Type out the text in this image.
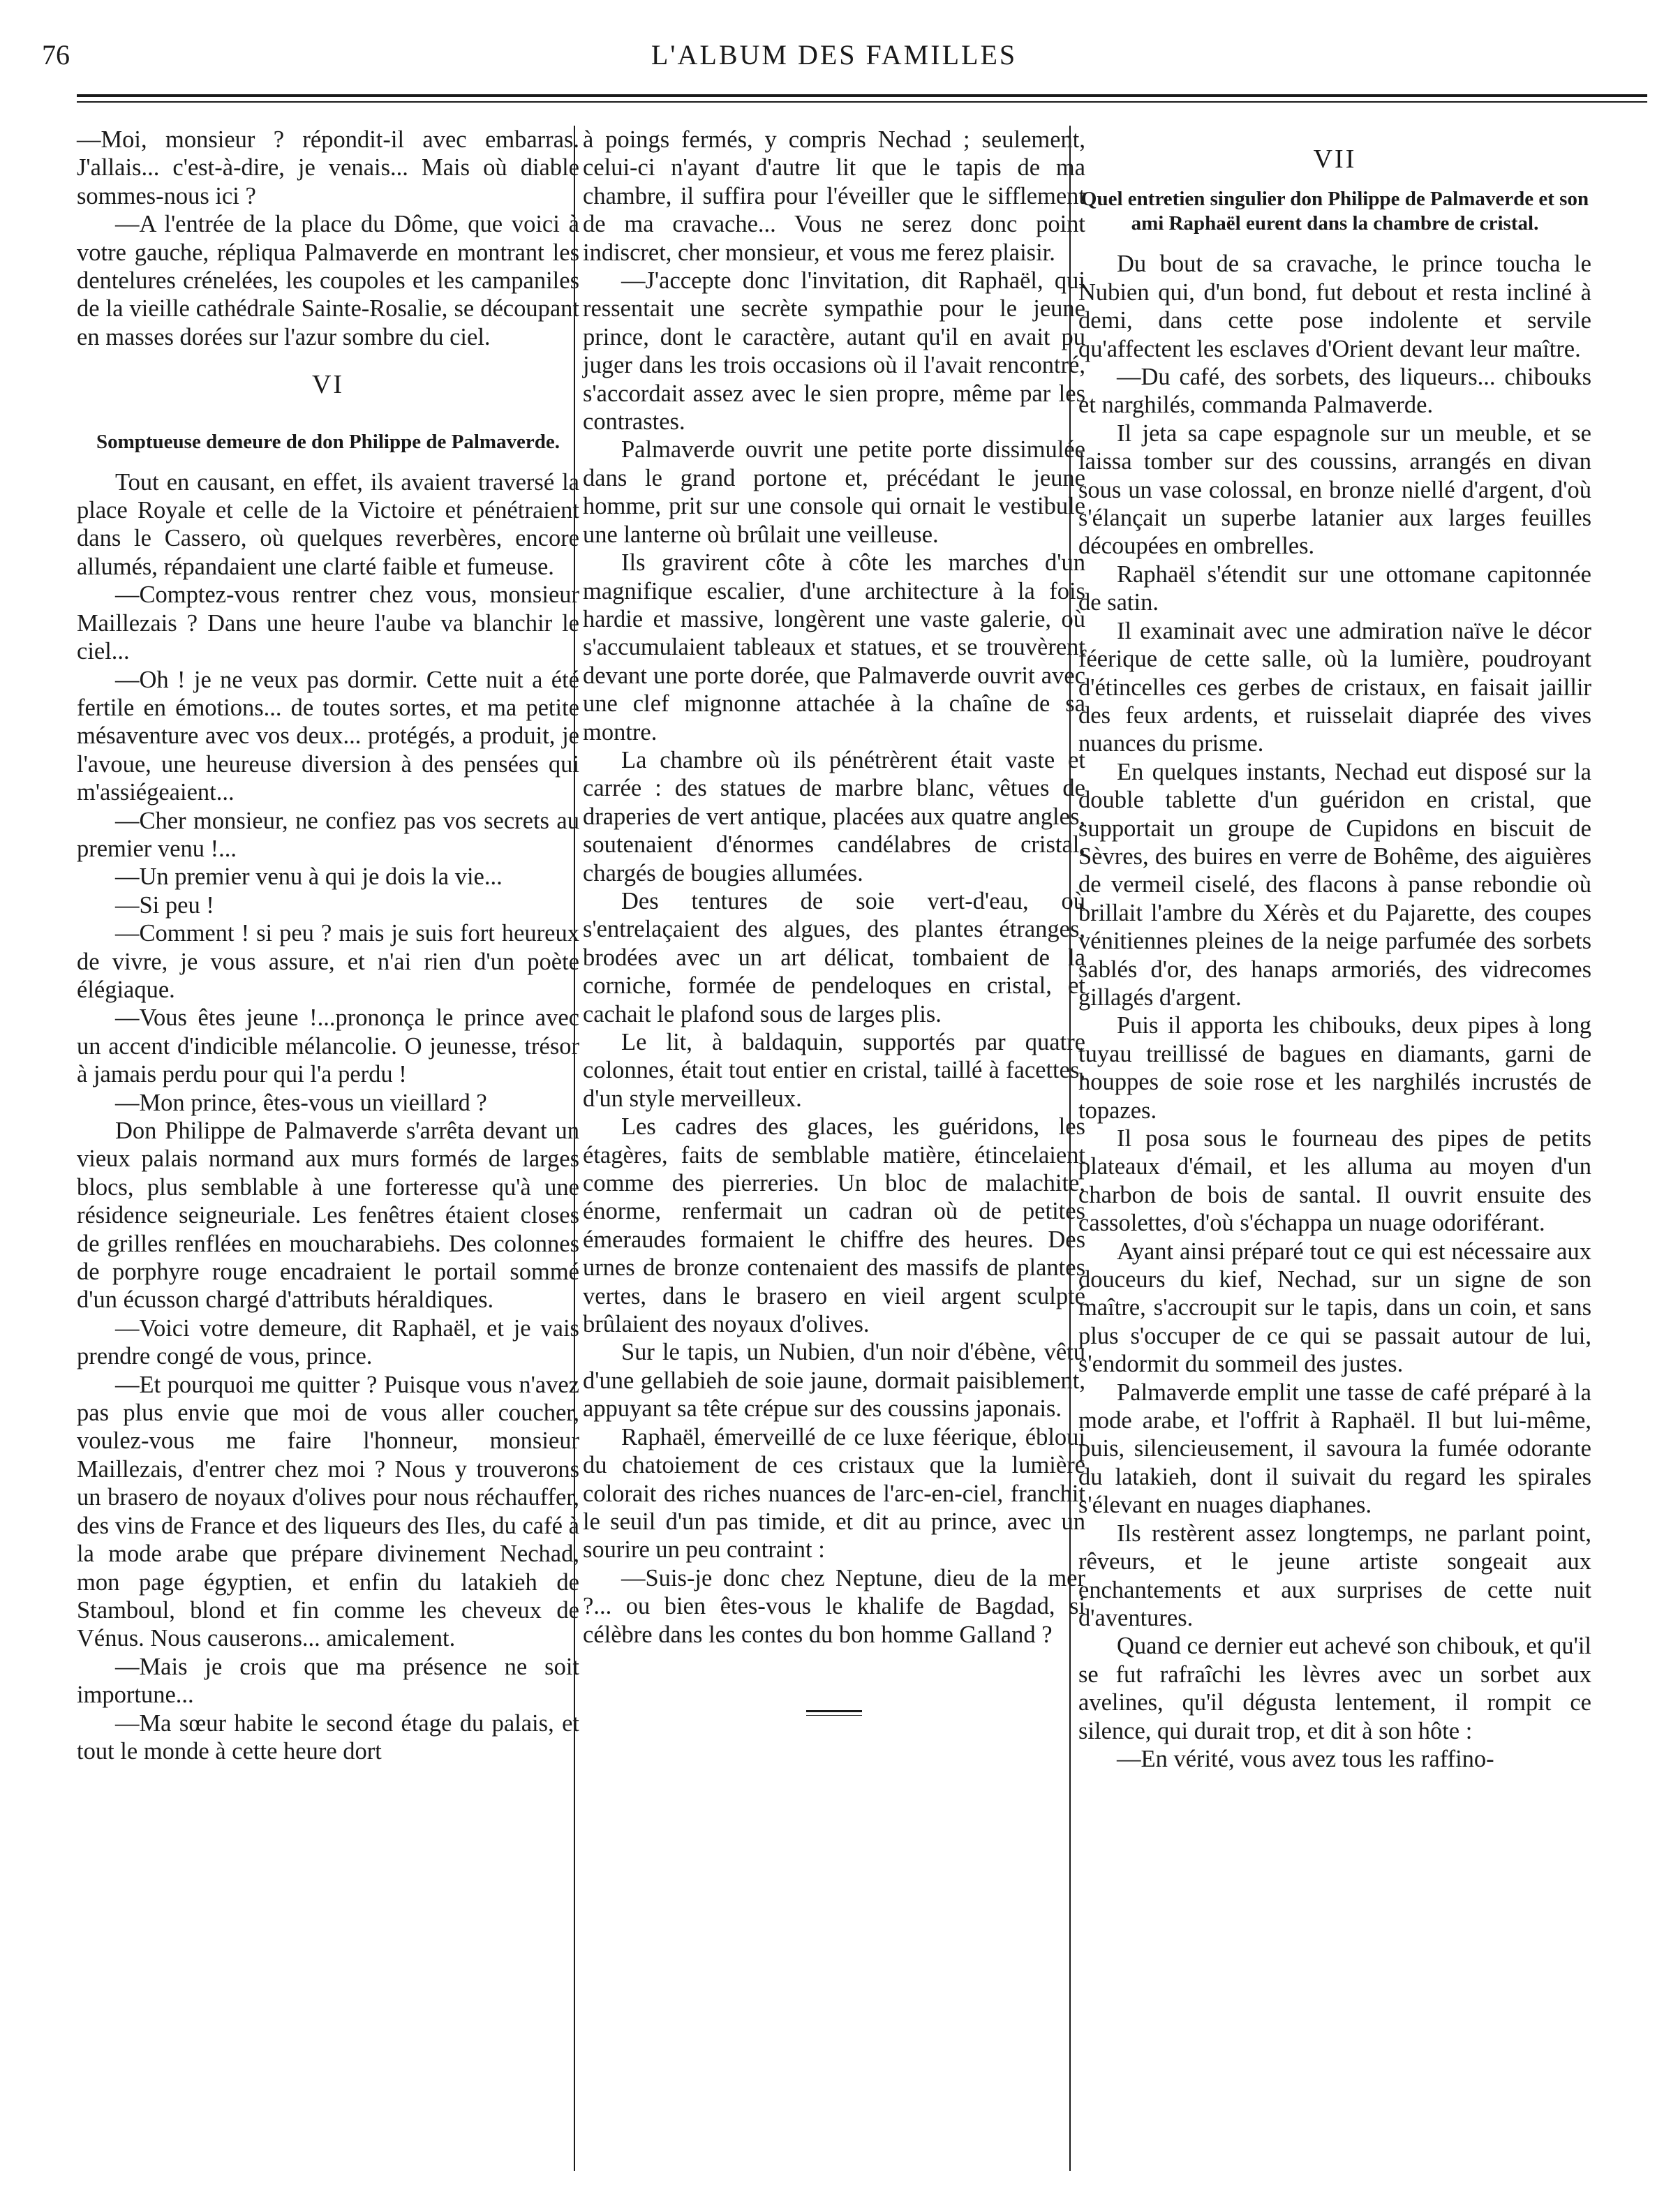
76	L'ALBUM DES FAMILLES

—Moi, monsieur ? répondit-il avec embarras. J'allais... c'est-à-dire, je venais... Mais où diable sommes-nous ici ?

—A l'entrée de la place du Dôme, que voici à votre gauche, répliqua Palmaverde en montrant les dentelures crénelées, les coupoles et les campaniles de la vieille cathédrale Sainte-Rosalie, se découpant en masses dorées sur l'azur sombre du ciel.

VI
Somptueuse demeure de don Philippe de Palmaverde.

Tout en causant, en effet, ils avaient traversé la place Royale et celle de la Victoire et pénétraient dans le Cassero, où quelques reverbères, encore allumés, répandaient une clarté faible et fumeuse.

—Comptez-vous rentrer chez vous, monsieur Maillezais ? Dans une heure l'aube va blanchir le ciel...

—Oh ! je ne veux pas dormir. Cette nuit a été fertile en émotions... de toutes sortes, et ma petite mésaventure avec vos deux... protégés, a produit, je l'avoue, une heureuse diversion à des pensées qui m'assiégeaient...

—Cher monsieur, ne confiez pas vos secrets au premier venu !...

—Un premier venu à qui je dois la vie...

—Si peu !

—Comment ! si peu ? mais je suis fort heureux de vivre, je vous assure, et n'ai rien d'un poète élégiaque.

—Vous êtes jeune !...prononça le prince avec un accent d'indicible mélancolie. O jeunesse, trésor à jamais perdu pour qui l'a perdu !

—Mon prince, êtes-vous un vieillard ?

Don Philippe de Palmaverde s'arrêta devant un vieux palais normand aux murs formés de larges blocs, plus semblable à une forteresse qu'à une résidence seigneuriale. Les fenêtres étaient closes de grilles renflées en moucharabiehs. Des colonnes de porphyre rouge encadraient le portail sommé d'un écusson chargé d'attributs héraldiques.

—Voici votre demeure, dit Raphaël, et je vais prendre congé de vous, prince.

—Et pourquoi me quitter ? Puisque vous n'avez pas plus envie que moi de vous aller coucher, voulez-vous me faire l'honneur, monsieur Maillezais, d'entrer chez moi ? Nous y trouverons un brasero de noyaux d'olives pour nous réchauffer, des vins de France et des liqueurs des Iles, du café à la mode arabe que prépare divinement Nechad, mon page égyptien, et enfin du latakieh de Stamboul, blond et fin comme les cheveux de Vénus. Nous causerons... amicalement.

—Mais je crois que ma présence ne soit importune...

—Ma sœur habite le second étage du palais, et tout le monde à cette heure dort

à poings fermés, y compris Nechad ; seulement, celui-ci n'ayant d'autre lit que le tapis de ma chambre, il suffira pour l'éveiller que le sifflement de ma cravache... Vous ne serez donc point indiscret, cher monsieur, et vous me ferez plaisir.

—J'accepte donc l'invitation, dit Raphaël, qui ressentait une secrète sympathie pour le jeune prince, dont le caractère, autant qu'il en avait pu juger dans les trois occasions où il l'avait rencontré, s'accordait assez avec le sien propre, même par les contrastes.

Palmaverde ouvrit une petite porte dissimulée dans le grand portone et, précédant le jeune homme, prit sur une console qui ornait le vestibule une lanterne où brûlait une veilleuse.

Ils gravirent côte à côte les marches d'un magnifique escalier, d'une architecture à la fois hardie et massive, longèrent une vaste galerie, où s'accumulaient tableaux et statues, et se trouvèrent devant une porte dorée, que Palmaverde ouvrit avec une clef mignonne attachée à la chaîne de sa montre.

La chambre où ils pénétrèrent était vaste et carrée : des statues de marbre blanc, vêtues de draperies de vert antique, placées aux quatre angles, soutenaient d'énormes candélabres de cristal, chargés de bougies allumées.

Des tentures de soie vert-d'eau, où s'entrelaçaient des algues, des plantes étranges, brodées avec un art délicat, tombaient de la corniche, formée de pendeloques en cristal, et cachait le plafond sous de larges plis.

Le lit, à baldaquin, supportés par quatre colonnes, était tout entier en cristal, taillé à facettes, d'un style merveilleux.

Les cadres des glaces, les guéridons, les étagères, faits de semblable matière, étincelaient comme des pierreries. Un bloc de malachite, énorme, renfermait un cadran où de petites émeraudes formaient le chiffre des heures. Des urnes de bronze contenaient des massifs de plantes vertes, dans le brasero en vieil argent sculpté brûlaient des noyaux d'olives.

Sur le tapis, un Nubien, d'un noir d'ébène, vêtu d'une gellabieh de soie jaune, dormait paisiblement, appuyant sa tête crépue sur des coussins japonais.

Raphaël, émerveillé de ce luxe féerique, ébloui du chatoiement de ces cristaux que la lumière colorait des riches nuances de l'arc-en-ciel, franchit le seuil d'un pas timide, et dit au prince, avec un sourire un peu contraint :

—Suis-je donc chez Neptune, dieu de la mer ?... ou bien êtes-vous le khalife de Bagdad, si célèbre dans les contes du bon homme Galland ?

VII
Quel entretien singulier don Philippe de Palmaverde et son ami Raphaël eurent dans la chambre de cristal.

Du bout de sa cravache, le prince toucha le Nubien qui, d'un bond, fut debout et resta incliné à demi, dans cette pose indolente et servile qu'affectent les esclaves d'Orient devant leur maître.

—Du café, des sorbets, des liqueurs... chibouks et narghilés, commanda Palmaverde.

Il jeta sa cape espagnole sur un meuble, et se laissa tomber sur des coussins, arrangés en divan sous un vase colossal, en bronze niellé d'argent, d'où s'élançait un superbe latanier aux larges feuilles découpées en ombrelles.

Raphaël s'étendit sur une ottomane capitonnée de satin.

Il examinait avec une admiration naïve le décor féerique de cette salle, où la lumière, poudroyant d'étincelles ces gerbes de cristaux, en faisait jaillir des feux ardents, et ruisselait diaprée des vives nuances du prisme.

En quelques instants, Nechad eut disposé sur la double tablette d'un guéridon en cristal, que supportait un groupe de Cupidons en biscuit de Sèvres, des buires en verre de Bohême, des aiguières de vermeil ciselé, des flacons à panse rebondie où brillait l'ambre du Xérès et du Pajarette, des coupes vénitiennes pleines de la neige parfumée des sorbets sablés d'or, des hanaps armoriés, des vidrecomes gillagés d'argent.

Puis il apporta les chibouks, deux pipes à long tuyau treillissé de bagues en diamants, garni de houppes de soie rose et les narghilés incrustés de topazes.

Il posa sous le fourneau des pipes de petits plateaux d'émail, et les alluma au moyen d'un charbon de bois de santal. Il ouvrit ensuite des cassolettes, d'où s'échappa un nuage odoriférant.

Ayant ainsi préparé tout ce qui est nécessaire aux douceurs du kief, Nechad, sur un signe de son maître, s'accroupit sur le tapis, dans un coin, et sans plus s'occuper de ce qui se passait autour de lui, s'endormit du sommeil des justes.

Palmaverde emplit une tasse de café préparé à la mode arabe, et l'offrit à Raphaël. Il but lui-même, puis, silencieusement, il savoura la fumée odorante du latakieh, dont il suivait du regard les spirales s'élevant en nuages diaphanes.

Ils restèrent assez longtemps, ne parlant point, rêveurs, et le jeune artiste songeait aux enchantements et aux surprises de cette nuit d'aventures.

Quand ce dernier eut achevé son chibouk, et qu'il se fut rafraîchi les lèvres avec un sorbet aux avelines, qu'il dégusta lentement, il rompit ce silence, qui durait trop, et dit à son hôte :

—En vérité, vous avez tous les raffino-
